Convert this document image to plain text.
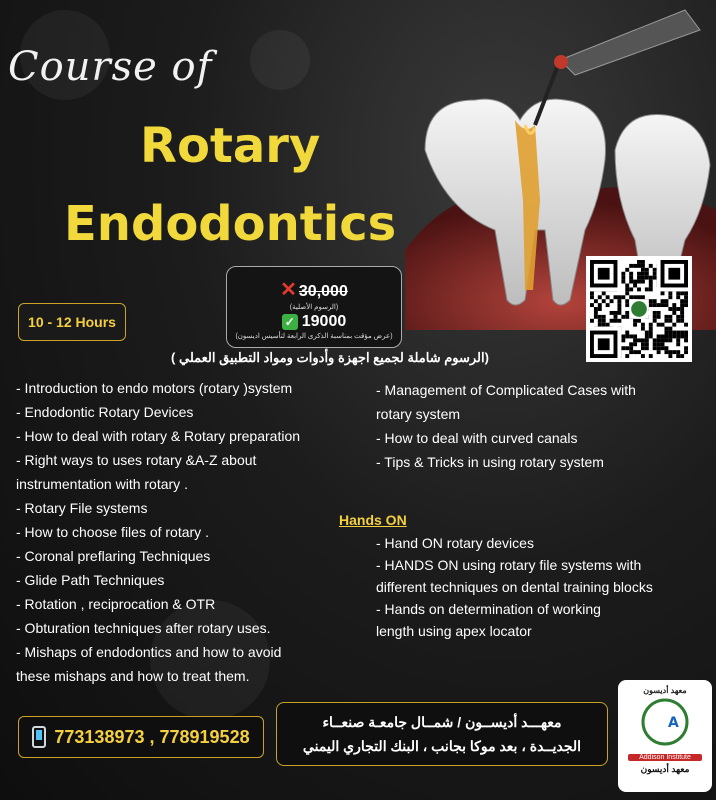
Course of
Rotary
Endodontics
10 - 12 Hours
✕ 30,000
(الرسوم الأصلية)
✓ 19000
(عرض مؤقت بمناسبة الذكرى الرابعة لتأسيس اديسون)
(الرسوم شاملة لجميع اجهزة وأدوات ومواد التطبيق العملي )
- Introduction to endo motors (rotary )system
- Endodontic Rotary Devices
- How to deal with rotary & Rotary preparation
- Right ways to uses rotary &A-Z about
instrumentation with rotary .
- Rotary File systems
- How to choose files of rotary .
- Coronal preflaring Techniques
- Glide Path Techniques
- Rotation , reciprocation & OTR
- Obturation techniques after rotary uses.
- Mishaps of endodontics and how to avoid
these mishaps and how to treat them.
- Management of Complicated Cases with
rotary system
- How to deal with curved canals
- Tips & Tricks in using rotary system
Hands ON
- Hand ON rotary devices
- HANDS ON using rotary file systems with
different techniques on dental training blocks
- Hands on determination of working
length using apex locator
773138973 , 778919528
معهـــد أديســون / شمــال جامعـة صنعــاء
الجديــدة ، بعد موكا بجانب ، البنك التجاري اليمني
معهد أديسون
A
Addison Institute
معهد أديسون
